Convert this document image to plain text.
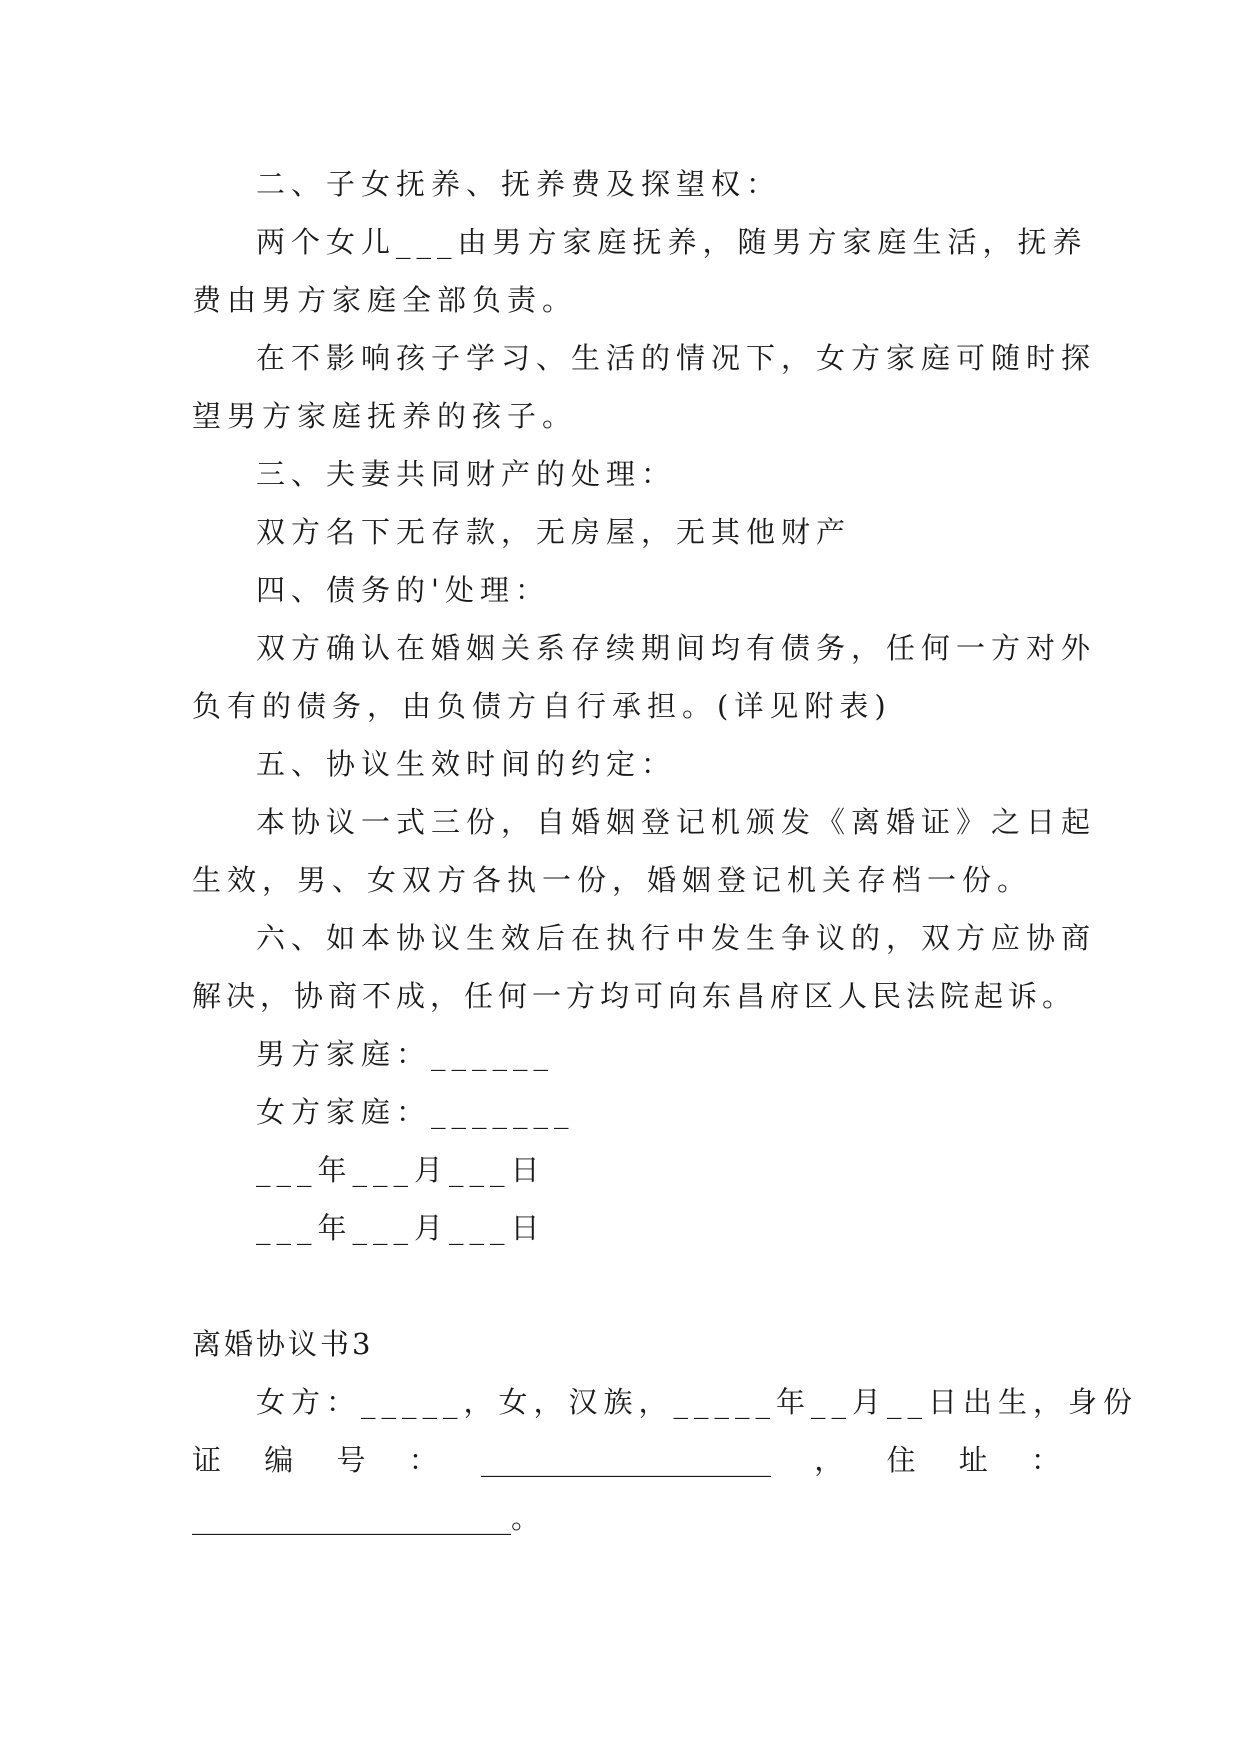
二、子女抚养、抚养费及探望权：

两个女儿___由男方家庭抚养，随男方家庭生活，抚养

费由男方家庭全部负责。

在不影响孩子学习、生活的情况下，女方家庭可随时探

望男方家庭抚养的孩子。

三、夫妻共同财产的处理：

双方名下无存款，无房屋，无其他财产

四、债务的'处理：

双方确认在婚姻关系存续期间均有债务，任何一方对外

负有的债务，由负债方自行承担。(详见附表)

五、协议生效时间的约定：

本协议一式三份，自婚姻登记机颁发《离婚证》之日起

生效，男、女双方各执一份，婚姻登记机关存档一份。

六、如本协议生效后在执行中发生争议的，双方应协商

解决，协商不成，任何一方均可向东昌府区人民法院起诉。

男方家庭：______

女方家庭：_______

___年___月___日

___年___月___日

离婚协议书3

女方：_____，女，汉族，_____年__月__日出生，身份

证 编 号 ： ____________________ ， 住 址 ：

______________________。
